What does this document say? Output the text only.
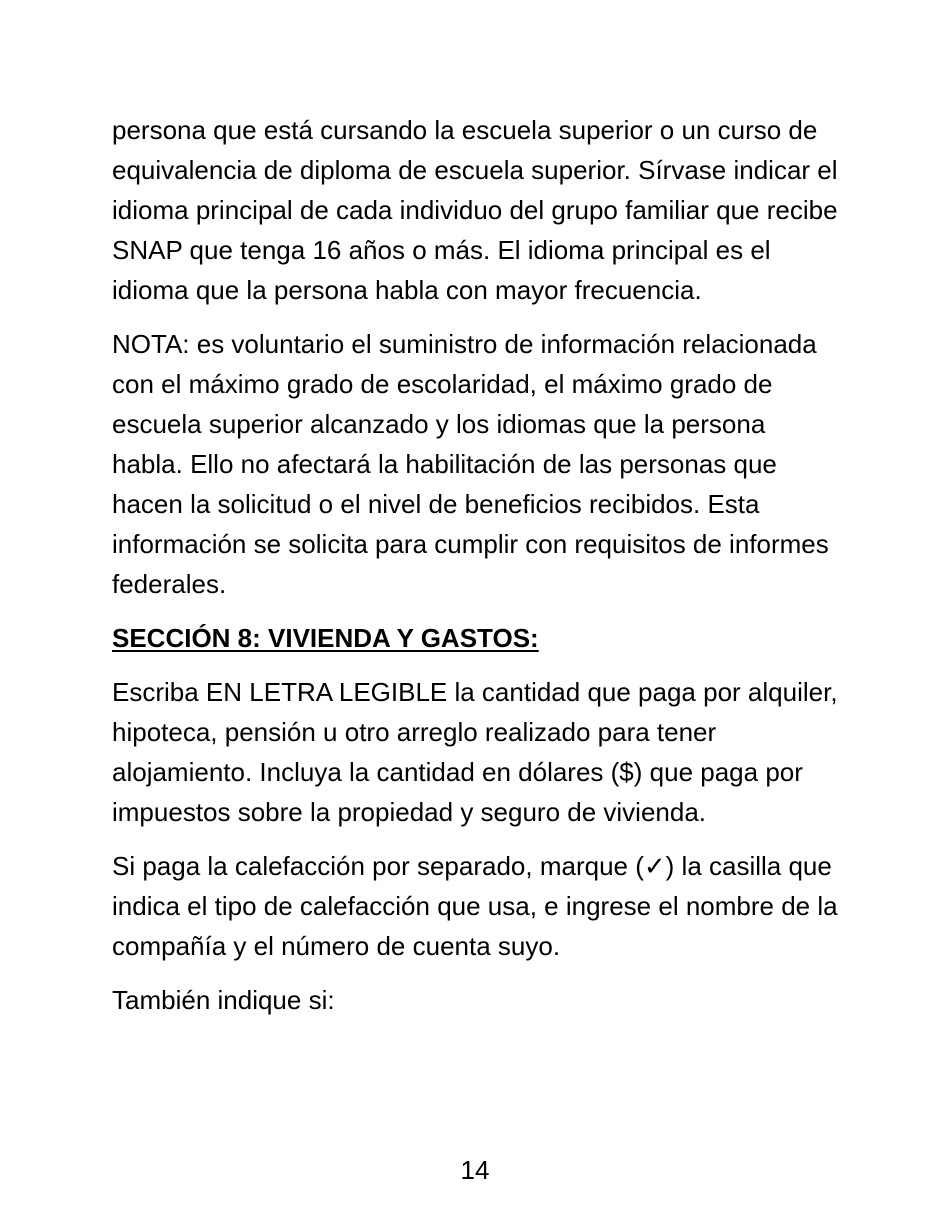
persona que está cursando la escuela superior o un curso de equivalencia de diploma de escuela superior. Sírvase indicar el idioma principal de cada individuo del grupo familiar que recibe SNAP que tenga 16 años o más. El idioma principal es el idioma que la persona habla con mayor frecuencia.

NOTA: es voluntario el suministro de información relacionada con el máximo grado de escolaridad, el máximo grado de escuela superior alcanzado y los idiomas que la persona habla. Ello no afectará la habilitación de las personas que hacen la solicitud o el nivel de beneficios recibidos. Esta información se solicita para cumplir con requisitos de informes federales.

SECCIÓN 8: VIVIENDA Y GASTOS:

Escriba EN LETRA LEGIBLE la cantidad que paga por alquiler, hipoteca, pensión u otro arreglo realizado para tener alojamiento. Incluya la cantidad en dólares ($) que paga por impuestos sobre la propiedad y seguro de vivienda.

Si paga la calefacción por separado, marque (✓) la casilla que indica el tipo de calefacción que usa, e ingrese el nombre de la compañía y el número de cuenta suyo.

También indique si:

14
